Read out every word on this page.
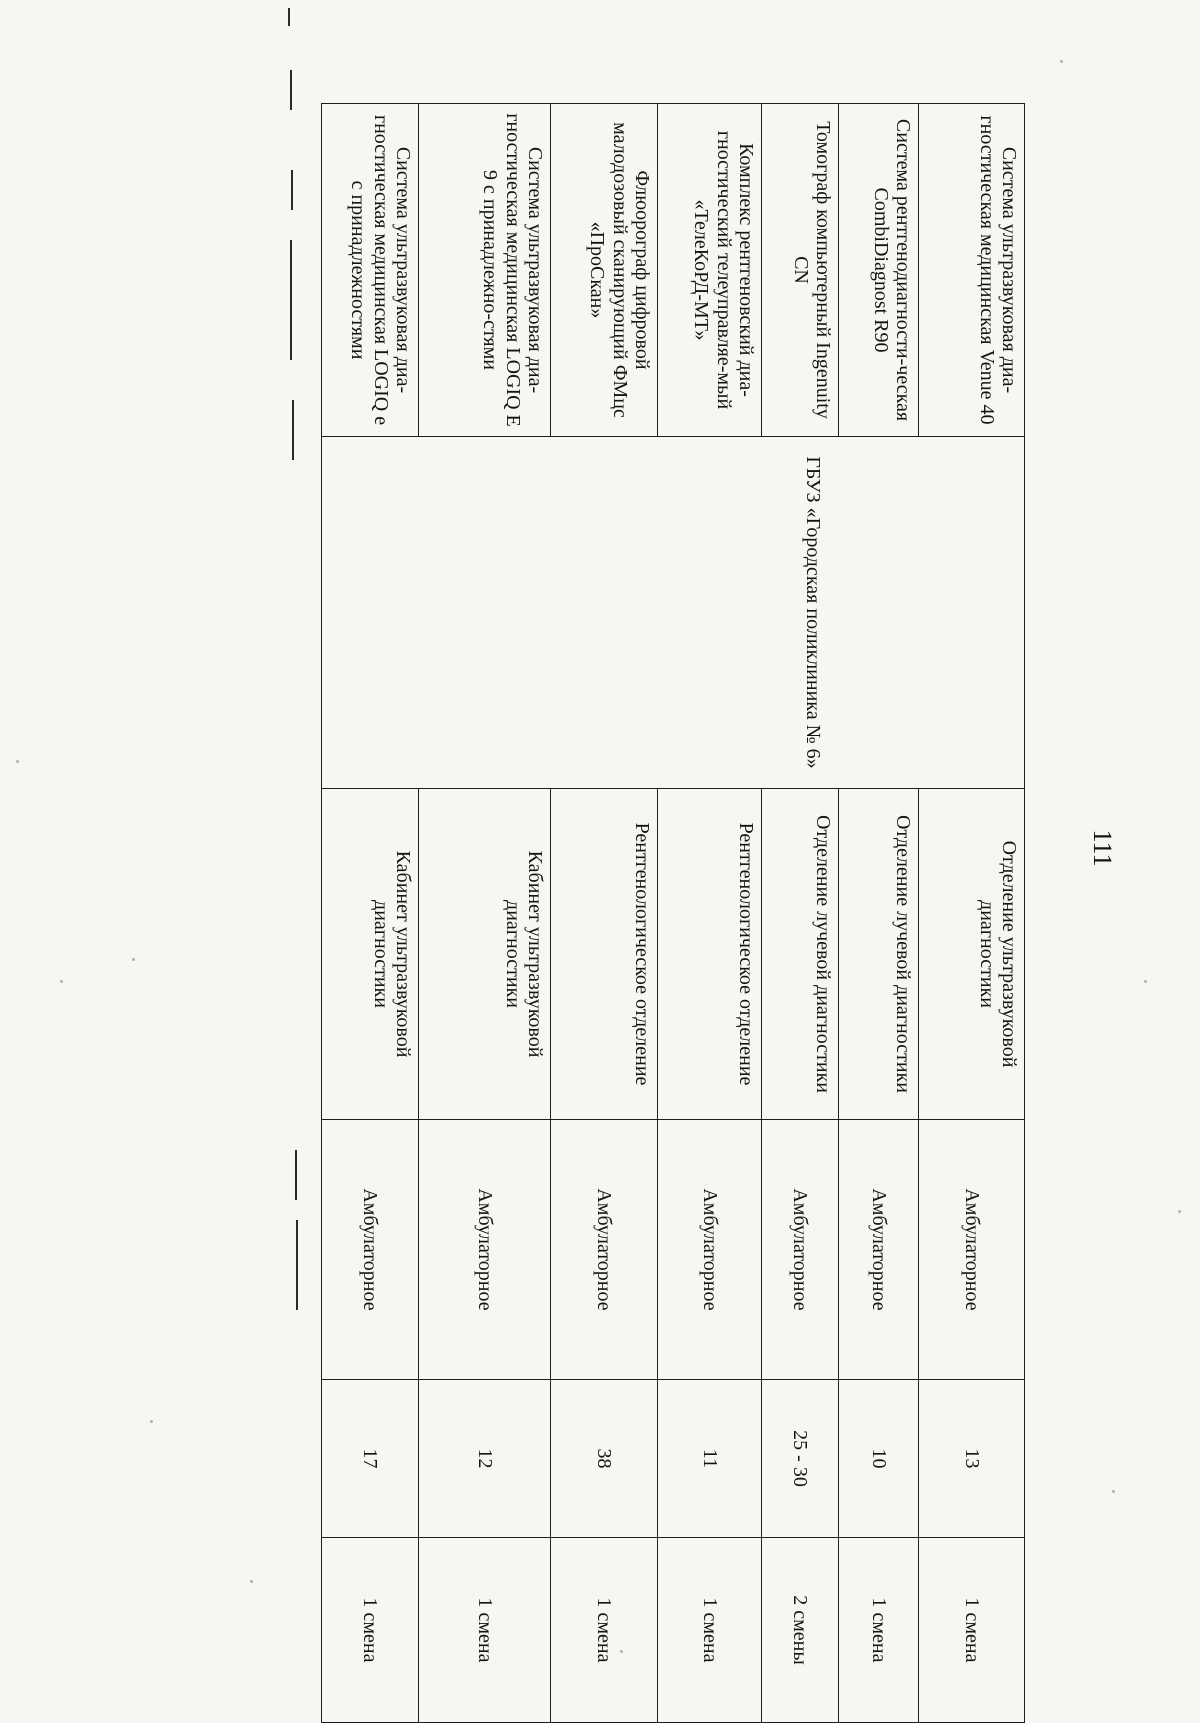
111
Система ультразвуковая диа-гностическая медицинская Venue 40	ГБУЗ «Городская поликлиника № 6»	Отделение ультразвуковой диагностики	Амбулаторное	13	1 смена
Система рентгенодиагности-ческая CombiDiagnost R90		Отделение лучевой диагностики	Амбулаторное	10	1 смена
Томограф компьютерный Ingenuity CN		Отделение лучевой диагностики	Амбулаторное	25 - 30	2 смены
Комплекс рентгеновский диа-гностический телеуправляе-мый «ТелеКоРД-МТ»		Рентгенологическое отделение	Амбулаторное	11	1 смена
Флюорограф цифровой малодозовый сканирующий ФМцс «ПроСкан»		Рентгенологическое отделение	Амбулаторное	38	1 смена
Система ультразвуковая диа-гностическая медицинская LOGIQ E 9 с принадлежно-стями		Кабинет ультразвуковой диагностики	Амбулаторное	12	1 смена
Система ультразвуковая диа-гностическая медицинская LOGIQ e с принадлежностями		Кабинет ультразвуковой диагностики	Амбулаторное	17	1 смена
